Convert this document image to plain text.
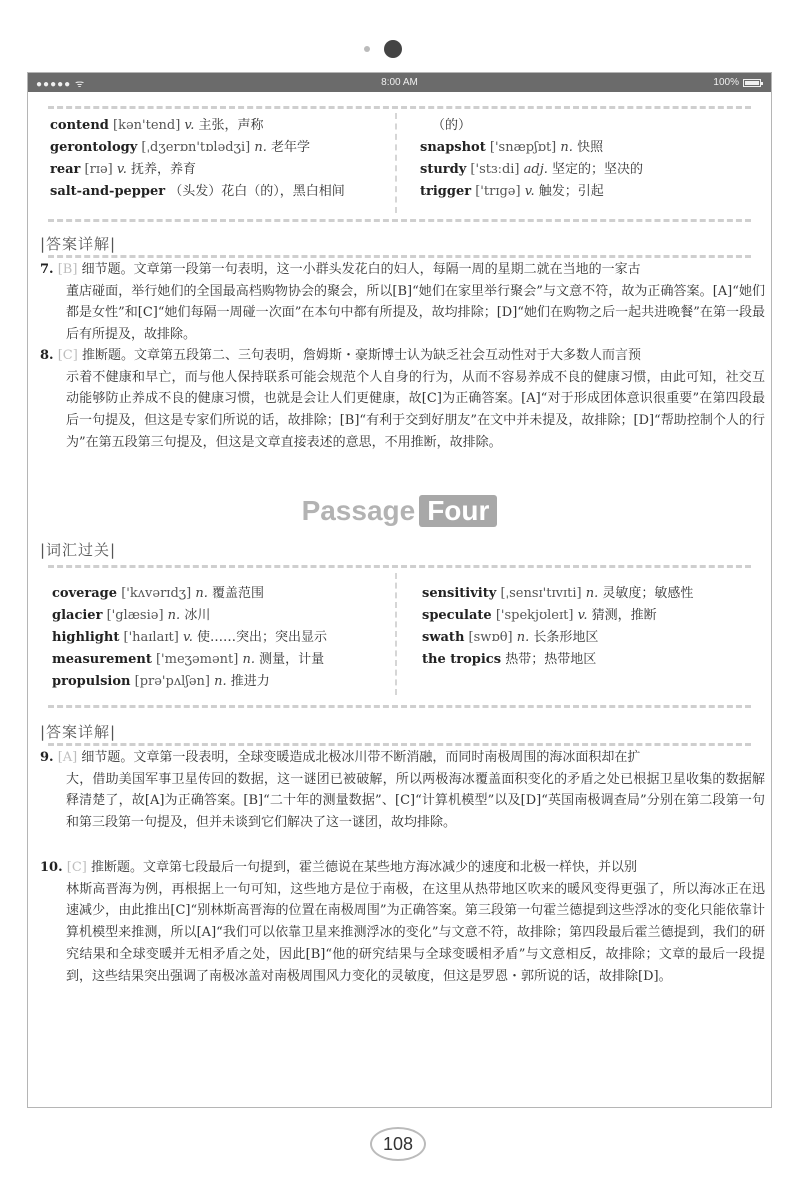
●●●●● ᯤ	8:00 AM	100%
contend [kən'tend] v. 主张，声称
gerontology [ˌdʒerɒn'tɒlədʒi] n. 老年学
rear [rɪə] v. 抚养，养育
salt-and-pepper （头发）花白（的），黑白相间
（的）
snapshot ['snæpʃɒt] n. 快照
sturdy ['stɜːdi] adj. 坚定的；坚决的
trigger ['trɪgə] v. 触发；引起
|答案详解|
7. [B] 细节题。文章第一段第一句表明，这一小群头发花白的妇人，每隔一周的星期二就在当地的一家古
董店碰面，举行她们的全国最高档购物协会的聚会，所以[B]“她们在家里举行聚会”与文意不符，故为正确答案。[A]“她们都是女性”和[C]“她们每隔一周碰一次面”在本句中都有所提及，故均排除；[D]“她们在购物之后一起共进晚餐”在第一段最后有所提及，故排除。
8. [C] 推断题。文章第五段第二、三句表明，詹姆斯・豪斯博士认为缺乏社会互动性对于大多数人而言预
示着不健康和早亡，而与他人保持联系可能会规范个人自身的行为，从而不容易养成不良的健康习惯，由此可知，社交互动能够防止养成不良的健康习惯，也就是会让人们更健康，故[C]为正确答案。[A]“对于形成团体意识很重要”在第四段最后一句提及，但这是专家们所说的话，故排除；[B]“有利于交到好朋友”在文中并未提及，故排除；[D]“帮助控制个人的行为”在第五段第三句提及，但这是文章直接表述的意思，不用推断，故排除。
Passage Four
|词汇过关|
coverage ['kʌvərɪdʒ] n. 覆盖范围
glacier ['glæsiə] n. 冰川
highlight ['haɪlaɪt] v. 使……突出；突出显示
measurement ['meʒəmənt] n. 测量，计量
propulsion [prə'pʌlʃən] n. 推进力
sensitivity [ˌsensɪ'tɪvɪti] n. 灵敏度；敏感性
speculate ['spekjʊleɪt] v. 猜测，推断
swath [swɒθ] n. 长条形地区
the tropics 热带；热带地区
|答案详解|
9. [A] 细节题。文章第一段表明，全球变暖造成北极冰川带不断消融，而同时南极周围的海冰面积却在扩
大，借助美国军事卫星传回的数据，这一谜团已被破解，所以两极海冰覆盖面积变化的矛盾之处已根据卫星收集的数据解释清楚了，故[A]为正确答案。[B]“二十年的测量数据”、[C]“计算机模型”以及[D]“英国南极调查局”分别在第二段第一句和第三段第一句提及，但并未谈到它们解决了这一谜团，故均排除。
10. [C] 推断题。文章第七段最后一句提到，霍兰德说在某些地方海冰减少的速度和北极一样快，并以别
林斯高晋海为例，再根据上一句可知，这些地方是位于南极，在这里从热带地区吹来的暖风变得更强了，所以海冰正在迅速减少，由此推出[C]“别林斯高晋海的位置在南极周围”为正确答案。第三段第一句霍兰德提到这些浮冰的变化只能依靠计算机模型来推测，所以[A]“我们可以依靠卫星来推测浮冰的变化”与文意不符，故排除；第四段最后霍兰德提到，我们的研究结果和全球变暖并无相矛盾之处，因此[B]“他的研究结果与全球变暖相矛盾”与文意相反，故排除；文章的最后一段提到，这些结果突出强调了南极冰盖对南极周围风力变化的灵敏度，但这是罗恩・郭所说的话，故排除[D]。
108
